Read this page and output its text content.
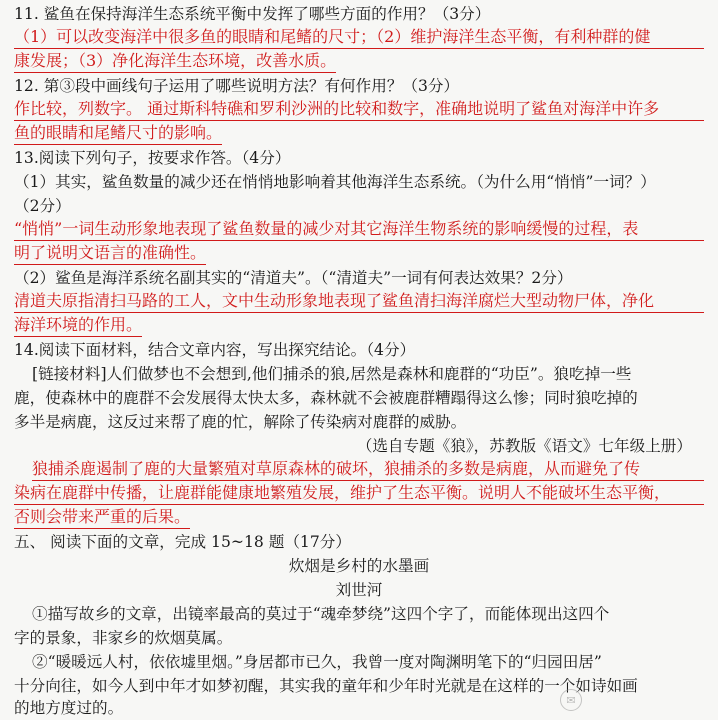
11. 鲨鱼在保持海洋生态系统平衡中发挥了哪些方面的作用？（3分）
（1）可以改变海洋中很多鱼的眼睛和尾鳍的尺寸；（2）维护海洋生态平衡，有利种群的健
康发展；（3）净化海洋生态环境，改善水质。
12. 第③段中画线句子运用了哪些说明方法？有何作用？（3分）
作比较，列数字。 通过斯科特礁和罗利沙洲的比较和数字，准确地说明了鲨鱼对海洋中许多
鱼的眼睛和尾鳍尺寸的影响。
13.阅读下列句子，按要求作答。（4分）
（1）其实，鲨鱼数量的减少还在悄悄地影响着其他海洋生态系统。（为什么用“悄悄”一词？）
（2分）
“悄悄”一词生动形象地表现了鲨鱼数量的减少对其它海洋生物系统的影响缓慢的过程，表
明了说明文语言的准确性。
（2）鲨鱼是海洋系统名副其实的“清道夫”。（“清道夫”一词有何表达效果？2分）
清道夫原指清扫马路的工人，文中生动形象地表现了鲨鱼清扫海洋腐烂大型动物尸体，净化
海洋环境的作用。
14.阅读下面材料，结合文章内容，写出探究结论。（4分）
[链接材料]人们做梦也不会想到,他们捕杀的狼,居然是森林和鹿群的“功臣”。狼吃掉一些
鹿，使森林中的鹿群不会发展得太快太多，森林就不会被鹿群糟蹋得这么惨；同时狼吃掉的
多半是病鹿，这反过来帮了鹿的忙，解除了传染病对鹿群的威胁。
（选自专题《狼》，苏教版《语文》七年级上册）
狼捕杀鹿遏制了鹿的大量繁殖对草原森林的破坏，狼捕杀的多数是病鹿，从而避免了传
染病在鹿群中传播，让鹿群能健康地繁殖发展，维护了生态平衡。说明人不能破坏生态平衡，
否则会带来严重的后果。
五、 阅读下面的文章，完成 15~18 题（17分）
炊烟是乡村的水墨画
刘世河
①描写故乡的文章，出镜率最高的莫过于“魂牵梦绕”这四个字了，而能体现出这四个
字的景象，非家乡的炊烟莫属。
②“暖暖远人村，依依墟里烟。”身居都市已久，我曾一度对陶渊明笔下的“归园田居”
十分向往，如今人到中年才如梦初醒，其实我的童年和少年时光就是在这样的一个如诗如画
的地方度过的。	✉
